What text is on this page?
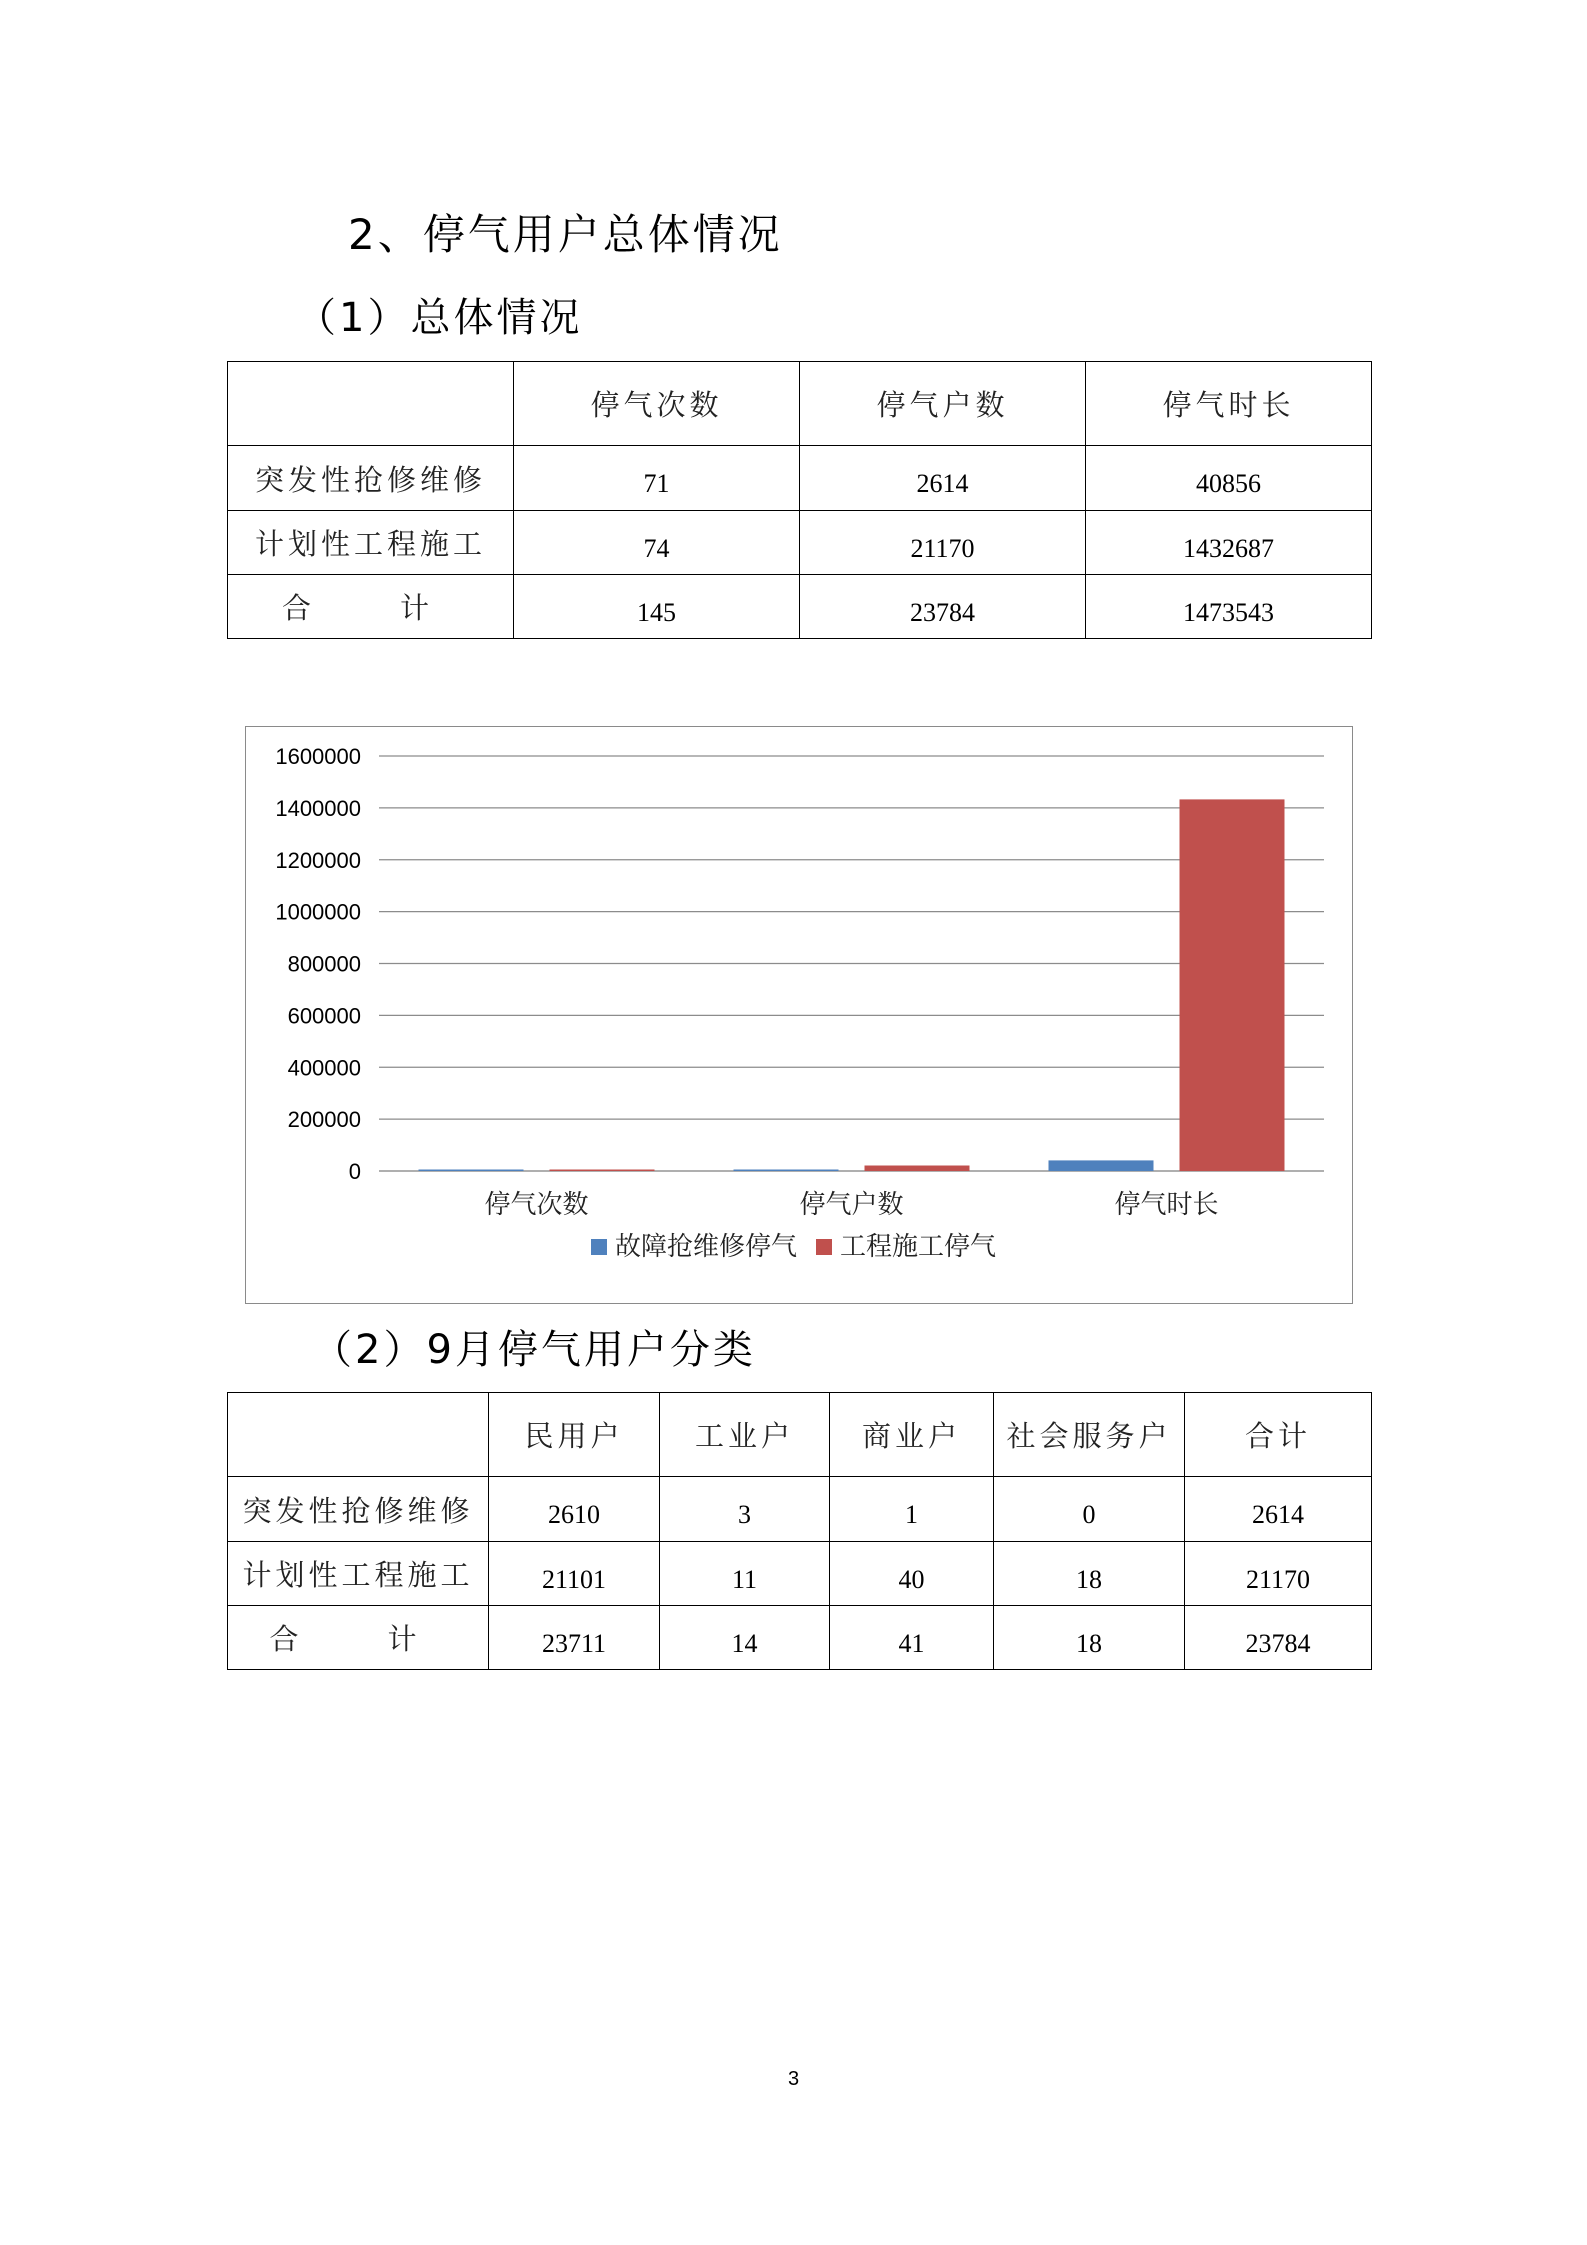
2、停气用户总体情况
（1）总体情况
	停气次数	停气户数	停气时长
突发性抢修维修	71	2614	40856
计划性工程施工	74	21170	1432687
合　计	145	23784	1473543
0
200000
400000
600000
800000
1000000
1200000
1400000
1600000
停气次数	停气户数	停气时长
故障抢维修停气 工程施工停气
（2）9月停气用户分类
	民用户	工业户	商业户	社会服务户	合计
突发性抢修维修	2610	3	1	0	2614
计划性工程施工	21101	11	40	18	21170
合　计	23711	14	41	18	23784
3
